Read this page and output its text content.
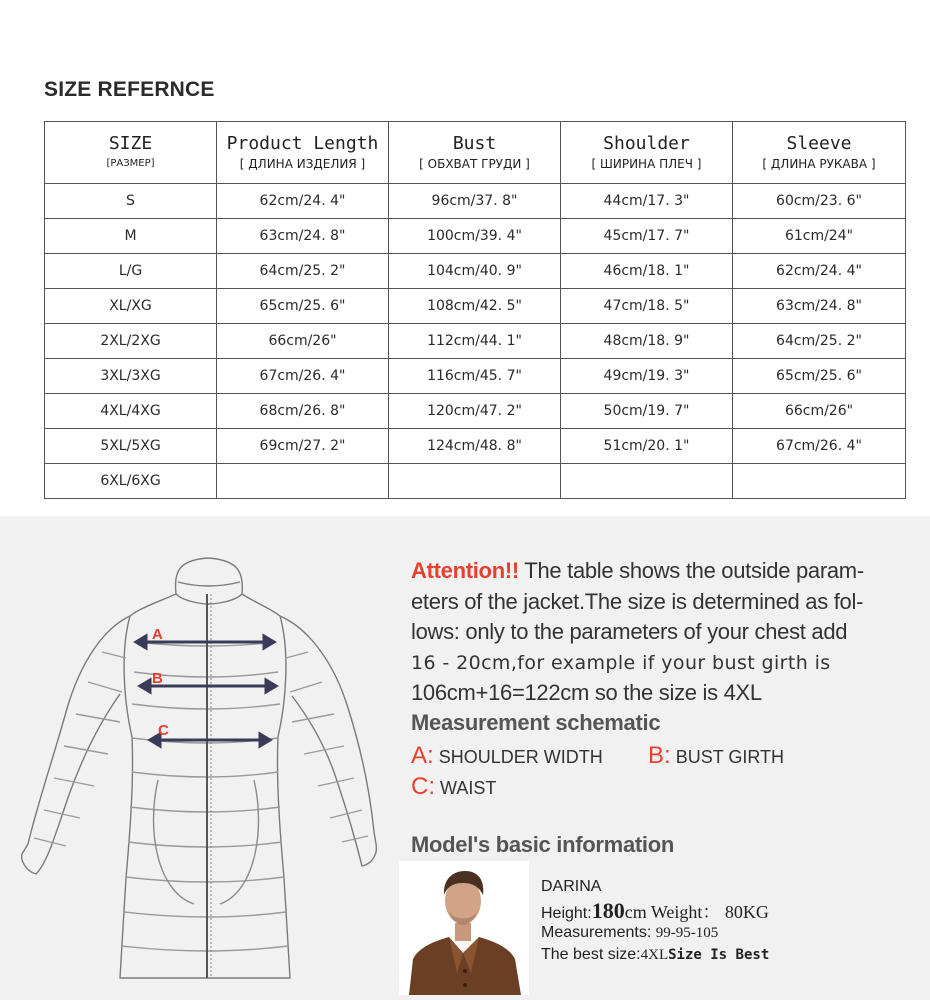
SIZE REFERNCE
SIZE
[РАЗМЕР]	Product Length
[ ДЛИНА ИЗДЕЛИЯ ]	Bust
[ ОБХВАТ ГРУДИ ]	Shoulder
[ ШИРИНА ПЛЕЧ ]	Sleeve
[ ДЛИНА РУКАВА ]

S	62cm/24. 4"	96cm/37. 8"	44cm/17. 3"	60cm/23. 6"
M	63cm/24. 8"	100cm/39. 4"	45cm/17. 7"	61cm/24"
L/G	64cm/25. 2"	104cm/40. 9"	46cm/18. 1"	62cm/24. 4"
XL/XG	65cm/25. 6"	108cm/42. 5"	47cm/18. 5"	63cm/24. 8"
2XL/2XG	66cm/26"	112cm/44. 1"	48cm/18. 9"	64cm/25. 2"
3XL/3XG	67cm/26. 4"	116cm/45. 7"	49cm/19. 3"	65cm/25. 6"
4XL/4XG	68cm/26. 8"	120cm/47. 2"	50cm/19. 7"	66cm/26"
5XL/5XG	69cm/27. 2"	124cm/48. 8"	51cm/20. 1"	67cm/26. 4"
6XL/6XG				
A
B
C
Attention!! The table shows the outside param-
eters of the jacket.The size is determined as fol-
lows: only to the parameters of your chest add
16 - 20cm,for example if your bust girth is
106cm+16=122cm so the size is 4XL
Measurement schematic
A: SHOULDER WIDTH B: BUST GIRTH
C: WAIST
Model's basic information
DARINA
Height:180cm Weight： 80KG
Measurements: 99-95-105
The best size:4XLSize Is Best
